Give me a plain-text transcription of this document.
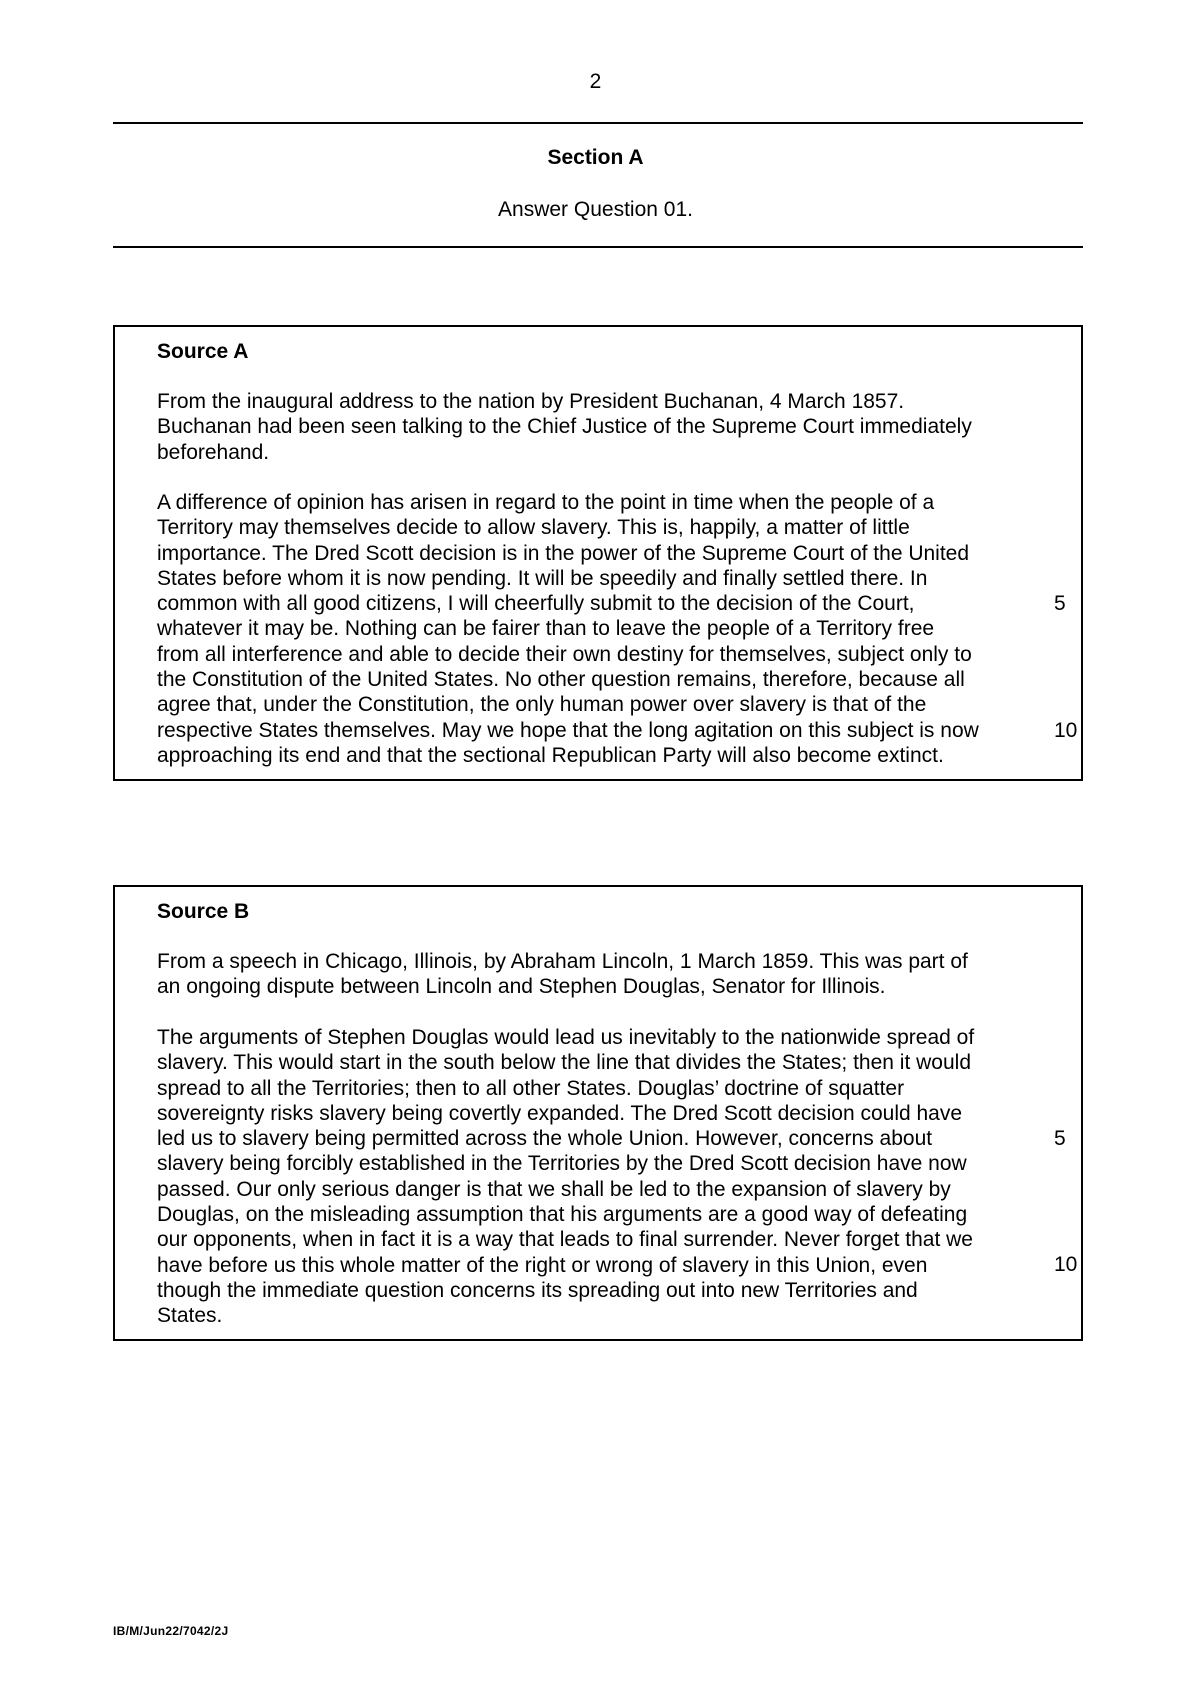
2
Section A
Answer Question 01.
Source A
From the inaugural address to the nation by President Buchanan, 4 March 1857.
Buchanan had been seen talking to the Chief Justice of the Supreme Court immediately
beforehand.
A difference of opinion has arisen in regard to the point in time when the people of a
Territory may themselves decide to allow slavery. This is, happily, a matter of little
importance. The Dred Scott decision is in the power of the Supreme Court of the United
States before whom it is now pending. It will be speedily and finally settled there. In
common with all good citizens, I will cheerfully submit to the decision of the Court,
whatever it may be. Nothing can be fairer than to leave the people of a Territory free
from all interference and able to decide their own destiny for themselves, subject only to
the Constitution of the United States. No other question remains, therefore, because all
agree that, under the Constitution, the only human power over slavery is that of the
respective States themselves. May we hope that the long agitation on this subject is now
approaching its end and that the sectional Republican Party will also become extinct.
5
10
Source B
From a speech in Chicago, Illinois, by Abraham Lincoln, 1 March 1859. This was part of
an ongoing dispute between Lincoln and Stephen Douglas, Senator for Illinois.
The arguments of Stephen Douglas would lead us inevitably to the nationwide spread of
slavery. This would start in the south below the line that divides the States; then it would
spread to all the Territories; then to all other States. Douglas’ doctrine of squatter
sovereignty risks slavery being covertly expanded. The Dred Scott decision could have
led us to slavery being permitted across the whole Union. However, concerns about
slavery being forcibly established in the Territories by the Dred Scott decision have now
passed. Our only serious danger is that we shall be led to the expansion of slavery by
Douglas, on the misleading assumption that his arguments are a good way of defeating
our opponents, when in fact it is a way that leads to final surrender. Never forget that we
have before us this whole matter of the right or wrong of slavery in this Union, even
though the immediate question concerns its spreading out into new Territories and
States.
5
10
IB/M/Jun22/7042/2J
